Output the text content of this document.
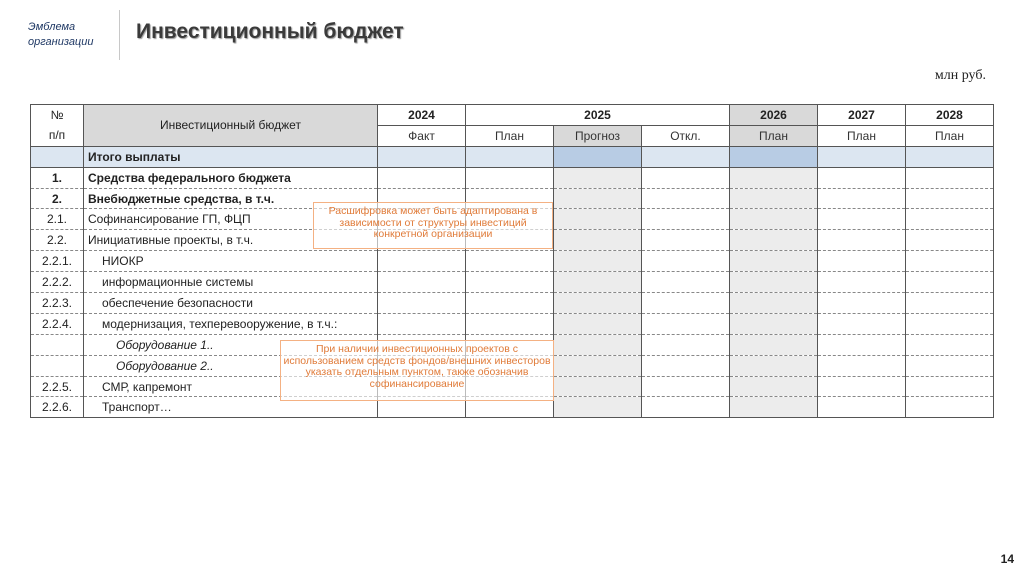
Эмблема
организации	Инвестиционный бюджет
млн руб.
№
п/п	Инвестиционный бюджет	2024	2025			2026	2027	2028
		Факт	План	Прогноз	Откл.	План	План	План
	Итого выплаты							
1.	Средства федерального бюджета							
2.	Внебюджетные средства, в т.ч.							
2.1.	Софинансирование ГП, ФЦП							
2.2.	Инициативные проекты, в т.ч.							
2.2.1.	НИОКР							
2.2.2.	информационные системы							
2.2.3.	обеспечение безопасности							
2.2.4.	модернизация, техперевооружение, в т.ч.:							
	Оборудование 1..							
	Оборудование 2..							
2.2.5.	СМР, капремонт							
2.2.6.	Транспорт…							
Расшифровка может быть адаптирована в зависимости от структуры инвестиций конкретной организации
При наличии инвестиционных проектов с использованием средств фондов/внешних инвесторов указать отдельным пунктом, также обозначив софинансирование
14
